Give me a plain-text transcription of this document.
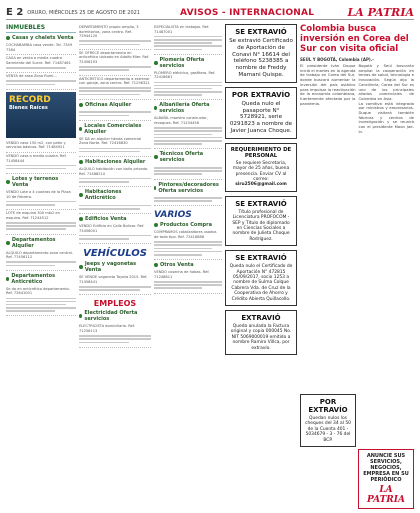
E 2 ORURO, MIÉRCOLES 25 DE AGOSTO DE 2021	AVISOS - INTERNACIONAL	LA PATRIA
INMUEBLES
Casas y chalets Venta
COCHABAMBA casa vende. Tel. 7349 7364
CASA en venta a media cuadra Sarmiento del Sucre. Ref. 71487461
VENTA de casa Zona Rumi...
RECORD
Bienes Raíces
VENDO casa 150 m2, con patio y servicios básicos. Ref. 71484921
VENDO casa a media cuadra. Ref. 71458444
Lotes y terrenos Venta
VENDO Lote a 4 cuadras de la Plaza 10 de Febrero.
LOTE de esquina 300 mts2 en esquina. Ref. 71244512
Departamentos Alquiler
ALQUILO departamento zona central. Ref. 77456112
Departamentos Anticrético
Se da en anticrético departamento. Ref. 72641001
DEPARTAMENTO propio amplio, 3 dormitorios, zona centro. Ref. 73944120
SE OFRECE departamento en anticrético ubicado en Adolfo Mier. Ref. 72456103
ANTICRETICO departamento a estrenar con garaje, zona centro. Ref. 71256321
Oficinas Alquiler
Locales Comerciales Alquiler
SE DA en alquiler tienda comercial Zona Norte. Ref. 72416830
Habitaciones Alquiler
ALQUILO habitación con baño privado. Ref. 71488210
Habitaciones Anticrético
Edificios Venta
VENDO Edificio en Calle Bolívar. Ref. 73456001
VEHÍCULOS
Jeeps y vagonetas Venta
SE VENDE vagoneta Toyota 2015. Ref. 71458441
EMPLEOS
Electricidad Oferta servicios
ELECTRICISTA domiciliario. Ref. 71256113
ESPECIALISTA en trabajos. Ref. 71487001
Plomería Oferta servicios
PLOMERO eléctrico, gasfitero. Ref. 72418661
Albañilería Oferta servicios
ALBAÑIL maestro constructor, revoques. Ref. 71234456
Técnicos Oferta servicios
Pintores/decoradores Oferta servicios
VARIOS
Productos Compra
COMPRAMOS catalizadores usados de todo tipo. Ref. 72416888
Otros Venta
VENDO cosecha de habas. Ref. 71248811
SE EXTRAVIÓ
Se extravió Certificado de Aportación de Conavi N° 16614 del teléfono 5238385 a nombre de Freddy Mamani Quispe.
POR EXTRAVÍO
Queda nulo el pasaporte N° 5728921, serie 0291823 a nombre de Javier Juanca Choque.
REQUERIMIENTO DE PERSONAL
Se requiere Secretaria, mayor de 25 años, buena presencia. Enviar CV al correo:
siru2506@gmail.com
SE EXTRAVIÓ
Título profesional de Licenciatura PROFOCOM - SEP y Título de diplomado en Ciencias Sociales a nombre de Julieta Choque Rodríguez.
SE EXTRAVIÓ
Queda nulo el Certificado de Aportación N° 472815 05/09/2017, socio 1253 a nombre de Sulma Colque Cabrera Vda. de Cruz de la Cooperativa de Ahorro y Crédito Abierta Quillacollo.
EXTRAVIÓ
Queda anulada la Factura original y copia 000045 No. NIT 5069000019 emitido a nombre Ramiro Villca, por extravío.
Colombia busca inversión en Corea del Sur con visita oficial
SEÚL Y BOGOTÁ, Colombia (AP).-

El presidente Iván Duque inició el martes en la agenda de trabajo en Corea del Sur, donde buscará aumentar la inversión del país asiático para impulsar la reactivación de la economía colombiana, fuertemente afectada por la pandemia.

Bogotá y Seúl buscarán ampliar la cooperación en temas de salud, tecnología e innovación. Según dijo la Cancillería, Corea del Sur es uno de los principales aliados comerciales de Colombia en Asia.

La comitiva está integrada por ministros y empresarios. Duque visitará también fábricas y centros de investigación y se reunirá con el presidente Moon Jae-in.

POR EXTRAVÍO
Quedan nulos los cheques del 34 al 50 de la Cuenta 401 - 5034679 - 3 - 76 del BCP.
ANUNCIE SUS SERVICIOS, NEGOCIOS, EMPRESA EN SU PERIÓDICO
LA PATRIA
